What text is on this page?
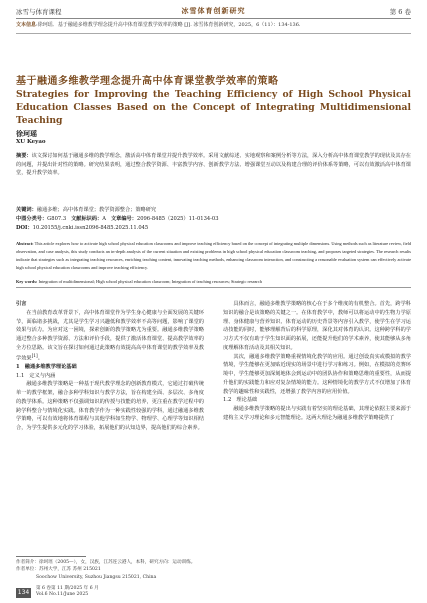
冰雪与体育课程	冰雪体育创新研究	第 6 卷
文本信息:徐珂瑶．基于融通多维教学理念提升高中体育课堂教学效率的策略 [J]. 冰雪体育创新研究，2025，6（11）：134-136.
基于融通多维教学理念提升高中体育课堂教学效率的策略
Strategies for Improving the Teaching Efficiency of High School Physical Education Classes Based on the Concept of Integrating Multidimensional Teaching
徐珂瑶
XU Keyao
摘要：该文探讨如何基于融通多维的教学理念，激活高中体育课堂并提升教学效率。采用文献综述、实地观察和案例分析等方法，深入分析高中体育课堂教学的现状及其存在的问题，并提出针对性的策略。研究结果表明，通过整合教学资源、丰富教学内容、创新教学方法、增强课堂互动以及构建合理的评价体系等策略，可以有效激活高中体育课堂，提升教学效率。
关键词：融通多维；高中体育课堂；教学资源整合；策略研究
中图分类号：G807.3 文献标识码：A 文章编号：2096-8485（2025）11-0134-03
DOI：10.20155/j.cnki.issn2096-8485.2025.11.045
Abstract: This article explores how to activate high school physical education classrooms and improve teaching efficiency based on the concept of integrating multiple dimensions. Using methods such as literature review, field observation, and case analysis, this study conducts an in-depth analysis of the current situation and existing problems in high school physical education classroom teaching, and proposes targeted strategies. The research results indicate that strategies such as integrating teaching resources, enriching teaching content, innovating teaching methods, enhancing classroom interaction, and constructing a reasonable evaluation system can effectively activate high school physical education classrooms and improve teaching efficiency.
Key words: Integration of multidimensional; High school physical education classroom; Integration of teaching resources; Strategic research

引言

在当前教育改革背景下，高中体育课堂作为学生身心健康与全面发展的关键环节，面临诸多挑战，尤其是学生学习兴趣低和教学效率不高等问题，影响了课堂的效果与活力。为应对这一困境，探索创新的教学策略尤为重要。融通多维教学策略通过整合多种教学资源、方法和评价手段，提供了激活体育课堂、提高教学效率的全方位思路。该文旨在探讨如何通过此策略有效提高高中体育课堂的教学效率及教学效果[1]。

1　融通多维教学理论基础

1.1　定义与内涵

融通多维教学策略是一种基于现代教学理念的创新教育模式，它通过打破传统单一的教学框架，融合多种学科知识与教学方法，旨在构建全面、多层次、多角度的教学体系。这种策略不仅强调知识的传授与技能的培养，更注重在教学过程中的跨学科整合与情境化实践。体育教学作为一种实践性较强的学科，通过融通多维教学策略，可以有效地将体育课程与其他学科如生物学、物理学、心理学等知识相结合，为学生提供多元化的学习体验，拓展他们的认知边界，提高他们的综合素养。

具体而言，融通多维教学策略的核心在于多个维度的有机整合。首先，跨学科知识的融合是该策略的关键之一。在体育教学中，教师可以将运动中的生物力学原理、身体健康与营养知识、体育运动的历史背景等内容引入教学，使学生在学习运动技能的同时，能够理解背后的科学原理，深化其对体育的认识。这种跨学科的学习方式不仅有助于学生知识面的拓展，还能提升他们的学术素养，使其能够从多角度理解体育活动及其相关知识。

其次，融通多维教学策略重视情境化教学的应用。通过创设真实或模拟的教学情境，学生能够在更加贴近现实的场景中进行学习和练习。例如，在模拟的竞赛环境中，学生能够更加深刻地体会到运动中的团队协作和策略思维的重要性，从而提升他们的实践能力和应对复杂情境的能力。这种情境化的教学方式不仅增加了体育教学的趣味性和实践性，还增强了教学内容的应用价值。

1.2　理论基础

融通多维教学策略的提出与实践有着坚实的理论基础，其理论依据主要来源于建构主义学习理论和多元智能理论。这两大理论为融通多维教学策略提供了

作者简介：徐珂瑶（2005—），女，汉族，江苏连云港人，本科，研究方向：运动训练。
作者单位：苏州大学，江苏 苏州 215021
Soochow University, Suzhou Jiangsu 215021, China
134
第 6 卷第 11 期/2025 年 6 月
Vol.6 No.11/June 2025
